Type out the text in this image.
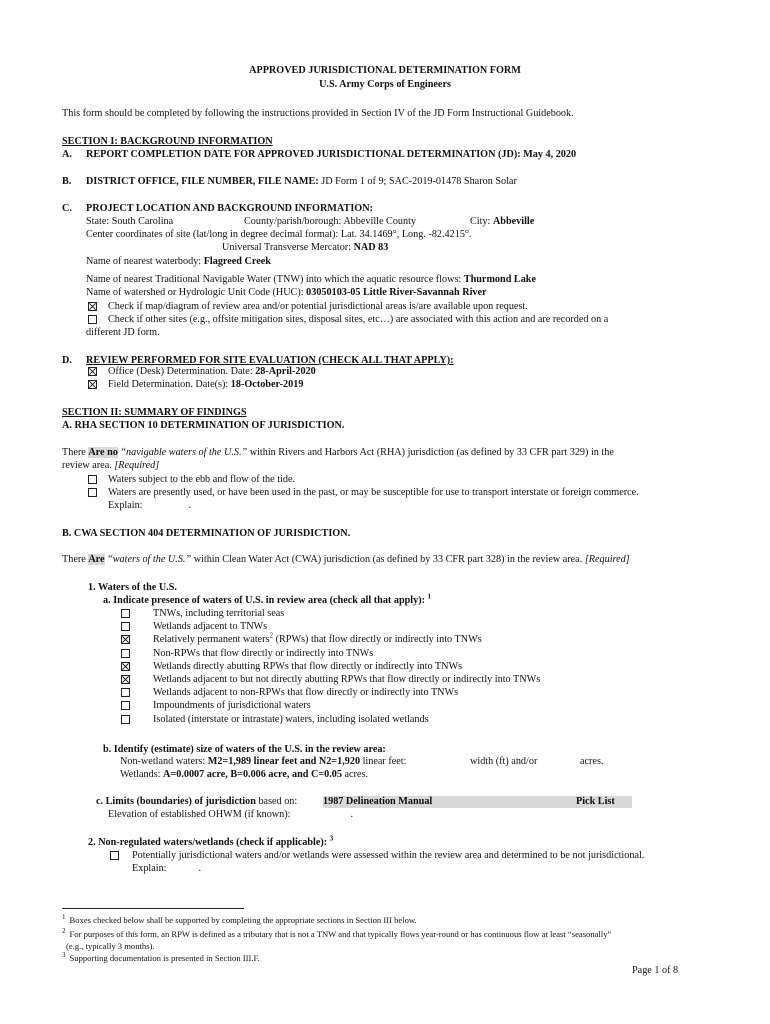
APPROVED JURISDICTIONAL DETERMINATION FORM
U.S. Army Corps of Engineers
This form should be completed by following the instructions provided in Section IV of the JD Form Instructional Guidebook.
SECTION I: BACKGROUND INFORMATION
A. REPORT COMPLETION DATE FOR APPROVED JURISDICTIONAL DETERMINATION (JD): May 4, 2020
B. DISTRICT OFFICE, FILE NUMBER, FILE NAME: JD Form 1 of 9; SAC-2019-01478 Sharon Solar
C. PROJECT LOCATION AND BACKGROUND INFORMATION:
State: South Carolina	County/parish/borough: Abbeville County	City: Abbeville
Center coordinates of site (lat/long in degree decimal format): Lat. 34.1469°, Long. -82.4215°.
Universal Transverse Mercator: NAD 83
Name of nearest waterbody: Flagreed Creek
Name of nearest Traditional Navigable Water (TNW) into which the aquatic resource flows: Thurmond Lake
Name of watershed or Hydrologic Unit Code (HUC): 03050103-05 Little River-Savannah River
Check if map/diagram of review area and/or potential jurisdictional areas is/are available upon request.
Check if other sites (e.g., offsite mitigation sites, disposal sites, etc…) are associated with this action and are recorded on a
different JD form.
D. REVIEW PERFORMED FOR SITE EVALUATION (CHECK ALL THAT APPLY):
Office (Desk) Determination. Date: 28-April-2020
Field Determination. Date(s): 18-October-2019
SECTION II: SUMMARY OF FINDINGS
A. RHA SECTION 10 DETERMINATION OF JURISDICTION.
There Are no “navigable waters of the U.S.” within Rivers and Harbors Act (RHA) jurisdiction (as defined by 33 CFR part 329) in the
review area. [Required]
Waters subject to the ebb and flow of the tide.
Waters are presently used, or have been used in the past, or may be susceptible for use to transport interstate or foreign commerce.
Explain:	.
B. CWA SECTION 404 DETERMINATION OF JURISDICTION.
There Are “waters of the U.S.” within Clean Water Act (CWA) jurisdiction (as defined by 33 CFR part 328) in the review area. [Required]
1. Waters of the U.S.
a. Indicate presence of waters of U.S. in review area (check all that apply): $^1$
TNWs, including territorial seas
Wetlands adjacent to TNWs
Relatively permanent waters$^2$ (RPWs) that flow directly or indirectly into TNWs
Non-RPWs that flow directly or indirectly into TNWs
Wetlands directly abutting RPWs that flow directly or indirectly into TNWs
Wetlands adjacent to but not directly abutting RPWs that flow directly or indirectly into TNWs
Wetlands adjacent to non-RPWs that flow directly or indirectly into TNWs
Impoundments of jurisdictional waters
Isolated (interstate or intrastate) waters, including isolated wetlands
b. Identify (estimate) size of waters of the U.S. in the review area:
Non-wetland waters: M2=1,989 linear feet and N2=1,920 linear feet:	width (ft) and/or	acres.
Wetlands: A=0.0007 acre, B=0.006 acre, and C=0.05 acres.
c. Limits (boundaries) of jurisdiction based on:	1987 Delineation Manual	Pick List
Elevation of established OHWM (if known):	.
2. Non-regulated waters/wetlands (check if applicable): $^3$
Potentially jurisdictional waters and/or wetlands were assessed within the review area and determined to be not jurisdictional.
Explain:	.
$^1$ Boxes checked below shall be supported by completing the appropriate sections in Section III below.
$^2$ For purposes of this form, an RPW is defined as a tributary that is not a TNW and that typically flows year-round or has continuous flow at least “seasonally”
(e.g., typically 3 months).
$^3$ Supporting documentation is presented in Section III.F.
Page 1 of 8
